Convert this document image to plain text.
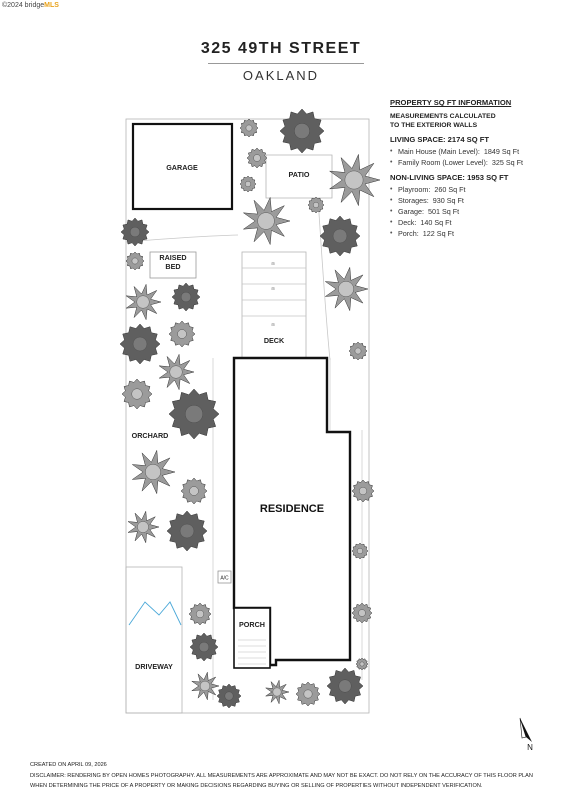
©2024 bridgeMLS
325 49TH STREET
OAKLAND
PROPERTY SQ FT INFORMATION
MEASUREMENTS CALCULATED TO THE EXTERIOR WALLS
LIVING SPACE: 2174 SQ FT
• Main House (Main Level): 1849 Sq Ft
• Family Room (Lower Level): 325 Sq Ft
NON-LIVING SPACE: 1953 SQ FT
• Playroom: 260 Sq Ft
• Storages: 930 Sq Ft
• Garage: 501 Sq Ft
• Deck: 140 Sq Ft
• Porch: 122 Sq Ft
GARAGE
PATIO
RAISED
BED	⊞
⊞
⊞
DECK
RESIDENCE
PORCH
A/C
DRIVEWAY
ORCHARD
N
CREATED ON APRIL 09, 2026
DISCLAIMER: RENDERING BY OPEN HOMES PHOTOGRAPHY. ALL MEASUREMENTS ARE APPROXIMATE AND MAY NOT BE EXACT. DO NOT RELY ON THE ACCURACY OF THIS FLOOR PLAN
WHEN DETERMINING THE PRICE OF A PROPERTY OR MAKING DECISIONS REGARDING BUYING OR SELLING OF PROPERTIES WITHOUT INDEPENDENT VERIFICATION.
